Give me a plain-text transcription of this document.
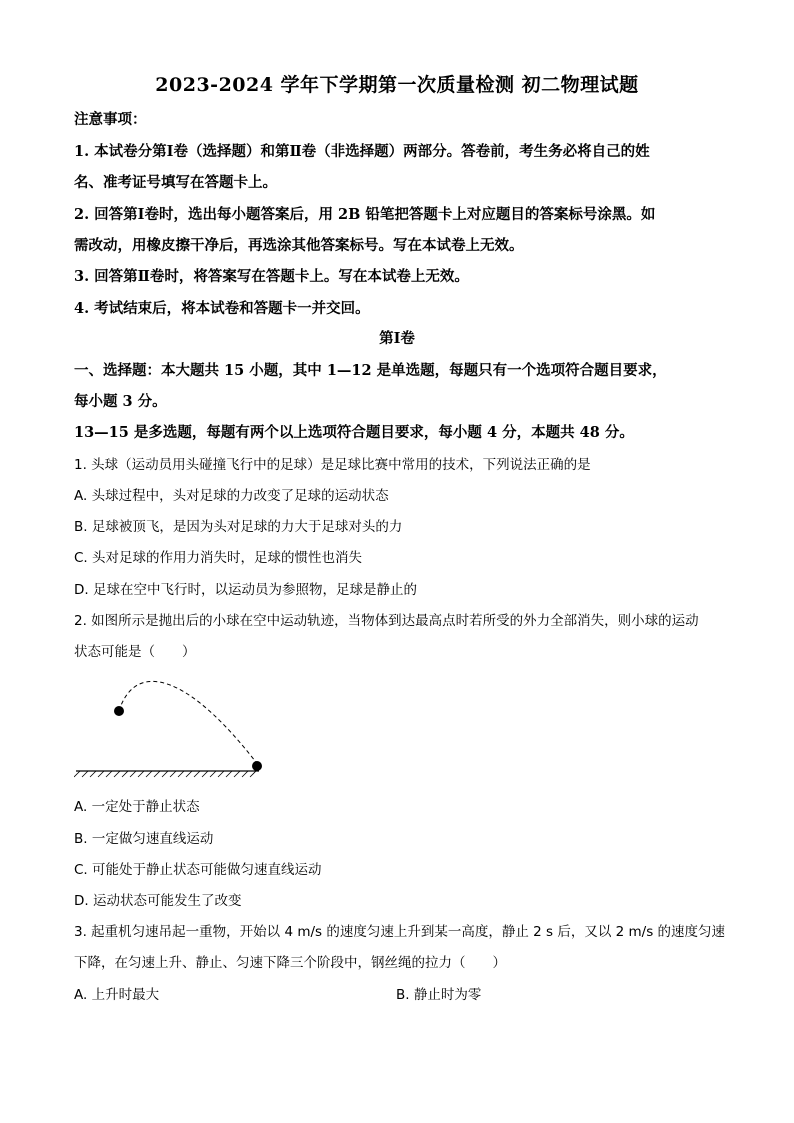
2023-2024 学年下学期第一次质量检测 初二物理试题
注意事项：
1. 本试卷分第Ⅰ卷（选择题）和第Ⅱ卷（非选择题）两部分。答卷前，考生务必将自己的姓
名、准考证号填写在答题卡上。
2. 回答第Ⅰ卷时，选出每小题答案后，用 2B 铅笔把答题卡上对应题目的答案标号涂黑。如
需改动，用橡皮擦干净后，再选涂其他答案标号。写在本试卷上无效。
3. 回答第Ⅱ卷时，将答案写在答题卡上。写在本试卷上无效。
4. 考试结束后，将本试卷和答题卡一并交回。
第Ⅰ卷
一、选择题：本大题共 15 小题，其中 1—12 是单选题，每题只有一个选项符合题目要求，
每小题 3 分。
13—15 是多选题，每题有两个以上选项符合题目要求，每小题 4 分，本题共 48 分。
1. 头球（运动员用头碰撞飞行中的足球）是足球比赛中常用的技术，下列说法正确的是
A. 头球过程中，头对足球的力改变了足球的运动状态
B. 足球被顶飞，是因为头对足球的力大于足球对头的力
C. 头对足球的作用力消失时，足球的惯性也消失
D. 足球在空中飞行时，以运动员为参照物，足球是静止的
2. 如图所示是抛出后的小球在空中运动轨迹，当物体到达最高点时若所受的外力全部消失，则小球的运动
状态可能是（　　）
A. 一定处于静止状态
B. 一定做匀速直线运动
C. 可能处于静止状态可能做匀速直线运动
D. 运动状态可能发生了改变
3. 起重机匀速吊起一重物，开始以 4 m/s 的速度匀速上升到某一高度，静止 2 s 后，又以 2 m/s 的速度匀速
下降，在匀速上升、静止、匀速下降三个阶段中，钢丝绳的拉力（　　）
A. 上升时最大	B. 静止时为零
